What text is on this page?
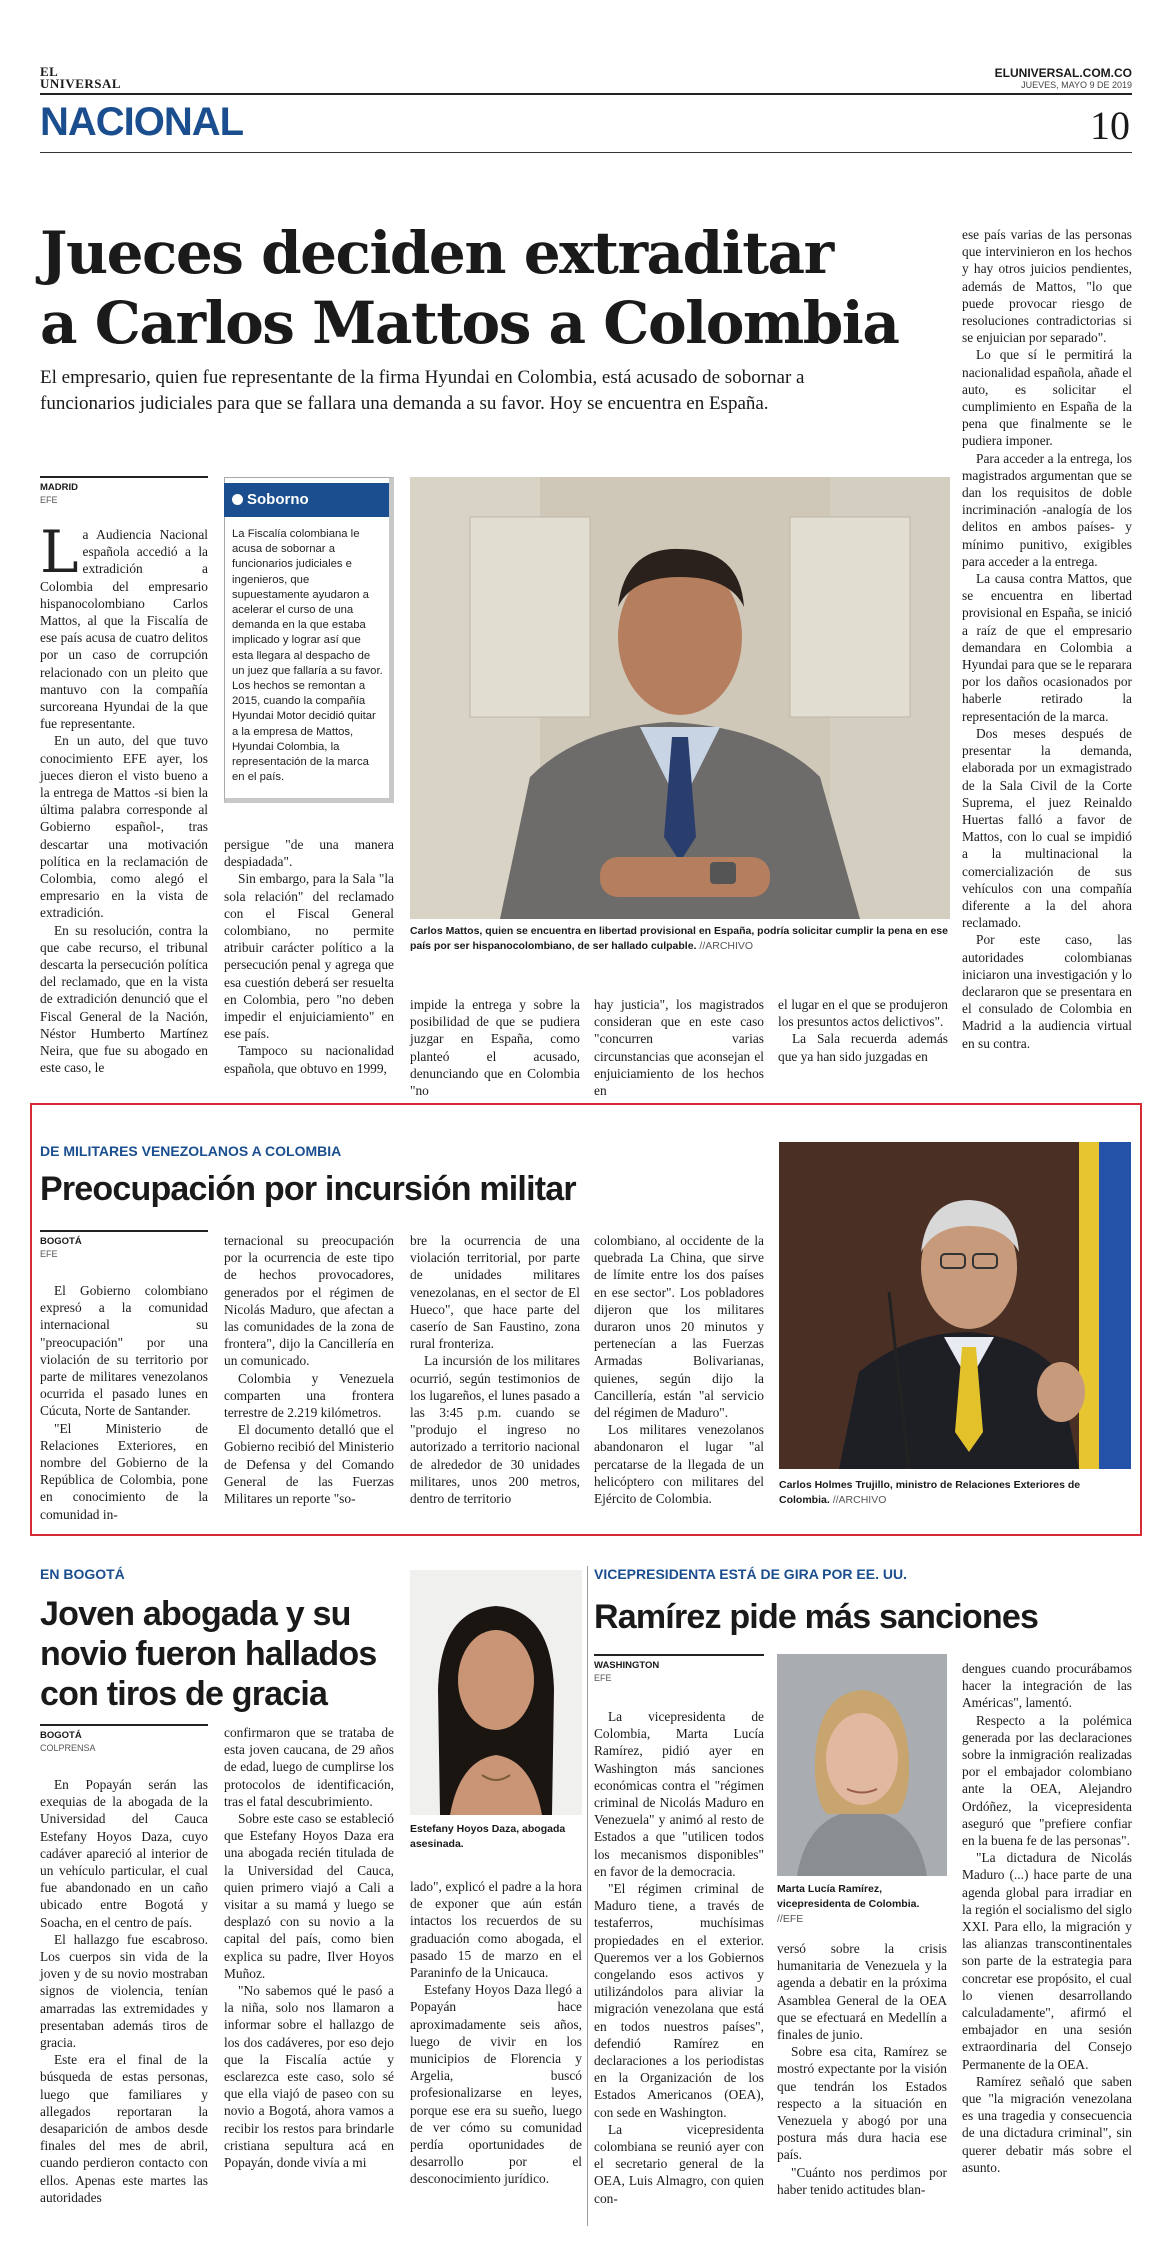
EL
UNIVERSAL
ELUNIVERSAL.COM.CO
JUEVES, MAYO 9 DE 2019
NACIONAL	10
Jueces deciden extraditar
a Carlos Mattos a Colombia
El empresario, quien fue representante de la firma Hyundai en Colombia, está acusado de sobornar a funcionarios judiciales para que se fallara una demanda a su favor. Hoy se encuentra en España.
MADRID
EFE

La Audiencia Nacional española accedió a la extradición a Colombia del empresario hispanocolombiano Carlos Mattos, al que la Fiscalía de ese país acusa de cuatro delitos por un caso de corrupción relacionado con un pleito que mantuvo con la compañía surcoreana Hyundai de la que fue representante.

En un auto, del que tuvo conocimiento EFE ayer, los jueces dieron el visto bueno a la entrega de Mattos -si bien la última palabra corresponde al Gobierno español-, tras descartar una motivación política en la reclamación de Colombia, como alegó el empresario en la vista de extradición.

En su resolución, contra la que cabe recurso, el tribunal descarta la persecución política del reclamado, que en la vista de extradición denunció que el Fiscal General de la Nación, Néstor Humberto Martínez Neira, que fue su abogado en este caso, le

Soborno
La Fiscalía colombiana le acusa de sobornar a funcionarios judiciales e ingenieros, que supuestamente ayudaron a acelerar el curso de una demanda en la que estaba implicado y lograr así que esta llegara al despacho de un juez que fallaría a su favor.
Los hechos se remontan a 2015, cuando la compañía Hyundai Motor decidió quitar a la empresa de Mattos, Hyundai Colombia, la representación de la marca en el país.

persigue "de una manera despiadada".

Sin embargo, para la Sala "la sola relación" del reclamado con el Fiscal General colombiano, no permite atribuir carácter político a la persecución penal y agrega que esa cuestión deberá ser resuelta en Colombia, pero "no deben impedir el enjuiciamiento" en ese país.

Tampoco su nacionalidad española, que obtuvo en 1999,

Carlos Mattos, quien se encuentra en libertad provisional en España, podría solicitar cumplir la pena en ese país por ser hispanocolombiano, de ser hallado culpable. //ARCHIVO

impide la entrega y sobre la posibilidad de que se pudiera juzgar en España, como planteó el acusado, denunciando que en Colombia "no

hay justicia", los magistrados consideran que en este caso "concurren varias circunstancias que aconsejan el enjuiciamiento de los hechos en

el lugar en el que se produjeron los presuntos actos delictivos".

La Sala recuerda además que ya han sido juzgadas en

ese país varias de las personas que intervinieron en los hechos y hay otros juicios pendientes, además de Mattos, "lo que puede provocar riesgo de resoluciones contradictorias si se enjuician por separado".

Lo que sí le permitirá la nacionalidad española, añade el auto, es solicitar el cumplimiento en España de la pena que finalmente se le pudiera imponer.

Para acceder a la entrega, los magistrados argumentan que se dan los requisitos de doble incriminación -analogía de los delitos en ambos países- y mínimo punitivo, exigibles para acceder a la entrega.

La causa contra Mattos, que se encuentra en libertad provisional en España, se inició a raíz de que el empresario demandara en Colombia a Hyundai para que se le reparara por los daños ocasionados por haberle retirado la representación de la marca.

Dos meses después de presentar la demanda, elaborada por un exmagistrado de la Sala Civil de la Corte Suprema, el juez Reinaldo Huertas falló a favor de Mattos, con lo cual se impidió a la multinacional la comercialización de sus vehículos con una compañía diferente a la del ahora reclamado.

Por este caso, las autoridades colombianas iniciaron una investigación y lo declararon que se presentara en el consulado de Colombia en Madrid a la audiencia virtual en su contra.

DE MILITARES VENEZOLANOS A COLOMBIA
Preocupación por incursión militar
BOGOTÁ
EFE

El Gobierno colombiano expresó a la comunidad internacional su "preocupación" por una violación de su territorio por parte de militares venezolanos ocurrida el pasado lunes en Cúcuta, Norte de Santander.

"El Ministerio de Relaciones Exteriores, en nombre del Gobierno de la República de Colombia, pone en conocimiento de la comunidad in-

ternacional su preocupación por la ocurrencia de este tipo de hechos provocadores, generados por el régimen de Nicolás Maduro, que afectan a las comunidades de la zona de frontera", dijo la Cancillería en un comunicado.

Colombia y Venezuela comparten una frontera terrestre de 2.219 kilómetros.

El documento detalló que el Gobierno recibió del Ministerio de Defensa y del Comando General de las Fuerzas Militares un reporte "so-

bre la ocurrencia de una violación territorial, por parte de unidades militares venezolanas, en el sector de El Hueco", que hace parte del caserío de San Faustino, zona rural fronteriza.

La incursión de los militares ocurrió, según testimonios de los lugareños, el lunes pasado a las 3:45 p.m. cuando se "produjo el ingreso no autorizado a territorio nacional de alrededor de 30 unidades militares, unos 200 metros, dentro de territorio

colombiano, al occidente de la quebrada La China, que sirve de límite entre los dos países en ese sector". Los pobladores dijeron que los militares duraron unos 20 minutos y pertenecían a las Fuerzas Armadas Bolivarianas, quienes, según dijo la Cancillería, están "al servicio del régimen de Maduro".

Los militares venezolanos abandonaron el lugar "al percatarse de la llegada de un helicóptero con militares del Ejército de Colombia.

Carlos Holmes Trujillo, ministro de Relaciones Exteriores de Colombia. //ARCHIVO
EN BOGOTÁ
Joven abogada y su
novio fueron hallados
con tiros de gracia
BOGOTÁ
COLPRENSA

En Popayán serán las exequias de la abogada de la Universidad del Cauca Estefany Hoyos Daza, cuyo cadáver apareció al interior de un vehículo particular, el cual fue abandonado en un caño ubicado entre Bogotá y Soacha, en el centro de país.

El hallazgo fue escabroso. Los cuerpos sin vida de la joven y de su novio mostraban signos de violencia, tenían amarradas las extremidades y presentaban además tiros de gracia.

Este era el final de la búsqueda de estas personas, luego que familiares y allegados reportaran la desaparición de ambos desde finales del mes de abril, cuando perdieron contacto con ellos. Apenas este martes las autoridades

confirmaron que se trataba de esta joven caucana, de 29 años de edad, luego de cumplirse los protocolos de identificación, tras el fatal descubrimiento.

Sobre este caso se estableció que Estefany Hoyos Daza era una abogada recién titulada de la Universidad del Cauca, quien primero viajó a Cali a visitar a su mamá y luego se desplazó con su novio a la capital del país, como bien explica su padre, Ilver Hoyos Muñoz.

"No sabemos qué le pasó a la niña, solo nos llamaron a informar sobre el hallazgo de los dos cadáveres, por eso dejo que la Fiscalía actúe y esclarezca este caso, solo sé que ella viajó de paseo con su novio a Bogotá, ahora vamos a recibir los restos para brindarle cristiana sepultura acá en Popayán, donde vivía a mi

Estefany Hoyos Daza, abogada asesinada.

lado", explicó el padre a la hora de exponer que aún están intactos los recuerdos de su graduación como abogada, el pasado 15 de marzo en el Paraninfo de la Unicauca.

Estefany Hoyos Daza llegó a Popayán hace aproximadamente seis años, luego de vivir en los municipios de Florencia y Argelia, buscó profesionalizarse en leyes, porque ese era su sueño, luego de ver cómo su comunidad perdía oportunidades de desarrollo por el desconocimiento jurídico.

VICEPRESIDENTA ESTÁ DE GIRA POR EE. UU.
Ramírez pide más sanciones
WASHINGTON
EFE

La vicepresidenta de Colombia, Marta Lucía Ramírez, pidió ayer en Washington más sanciones económicas contra el "régimen criminal de Nicolás Maduro en Venezuela" y animó al resto de Estados a que "utilicen todos los mecanismos disponibles" en favor de la democracia.

"El régimen criminal de Maduro tiene, a través de testaferros, muchísimas propiedades en el exterior. Queremos ver a los Gobiernos congelando esos activos y utilizándolos para aliviar la migración venezolana que está en todos nuestros países", defendió Ramírez en declaraciones a los periodistas en la Organización de los Estados Americanos (OEA), con sede en Washington.

La vicepresidenta colombiana se reunió ayer con el secretario general de la OEA, Luis Almagro, con quien con-

Marta Lucía Ramírez, vicepresidenta de Colombia. //EFE

versó sobre la crisis humanitaria de Venezuela y la agenda a debatir en la próxima Asamblea General de la OEA que se efectuará en Medellín a finales de junio.

Sobre esa cita, Ramírez se mostró expectante por la visión que tendrán los Estados respecto a la situación en Venezuela y abogó por una postura más dura hacia ese país.

"Cuánto nos perdimos por haber tenido actitudes blan-

dengues cuando procurábamos hacer la integración de las Américas", lamentó.

Respecto a la polémica generada por las declaraciones sobre la inmigración realizadas por el embajador colombiano ante la OEA, Alejandro Ordóñez, la vicepresidenta aseguró que "prefiere confiar en la buena fe de las personas".

"La dictadura de Nicolás Maduro (...) hace parte de una agenda global para irradiar en la región el socialismo del siglo XXI. Para ello, la migración y las alianzas transcontinentales son parte de la estrategia para concretar ese propósito, el cual lo vienen desarrollando calculadamente", afirmó el embajador en una sesión extraordinaria del Consejo Permanente de la OEA.

Ramírez señaló que saben que "la migración venezolana es una tragedia y consecuencia de una dictadura criminal", sin querer debatir más sobre el asunto.
